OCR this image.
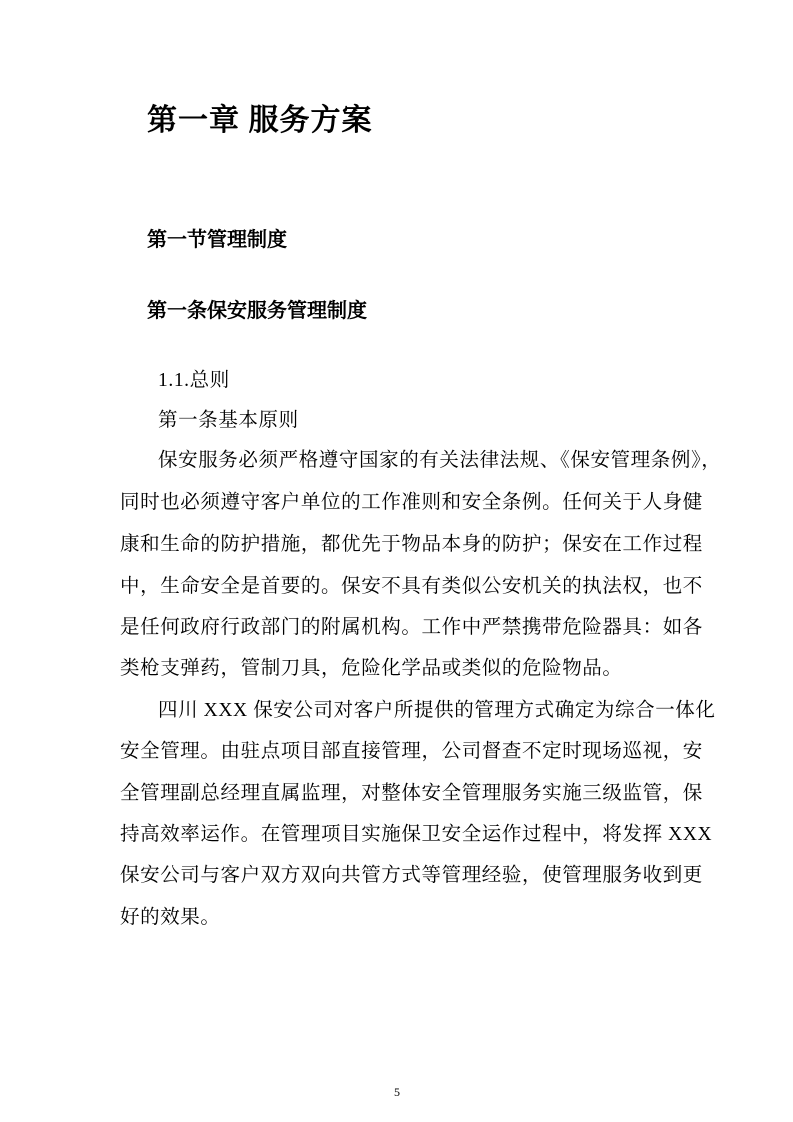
第一章 服务方案
第一节管理制度
第一条保安服务管理制度
1.1.总则
第一条基本原则
保安服务必须严格遵守国家的有关法律法规、《保安管理条例》，
同时也必须遵守客户单位的工作准则和安全条例。任何关于人身健
康和生命的防护措施，都优先于物品本身的防护；保安在工作过程
中，生命安全是首要的。保安不具有类似公安机关的执法权，也不
是任何政府行政部门的附属机构。工作中严禁携带危险器具：如各
类枪支弹药，管制刀具，危险化学品或类似的危险物品。
四川 XXX 保安公司对客户所提供的管理方式确定为综合一体化
安全管理。由驻点项目部直接管理，公司督查不定时现场巡视，安
全管理副总经理直属监理，对整体安全管理服务实施三级监管，保
持高效率运作。在管理项目实施保卫安全运作过程中，将发挥 XXX
保安公司与客户双方双向共管方式等管理经验，使管理服务收到更
好的效果。
5
